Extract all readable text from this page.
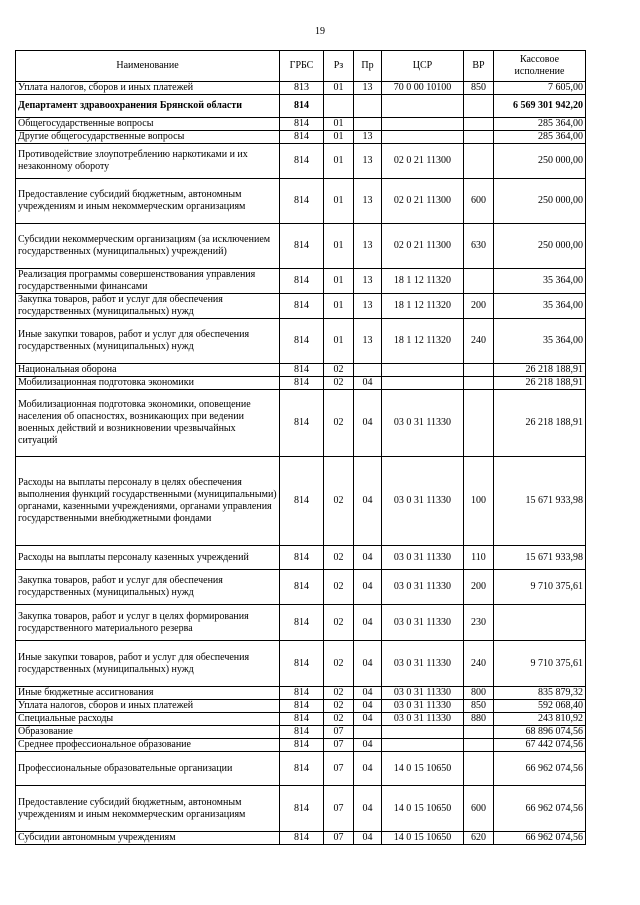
19
Наименование	ГРБС	Рз	Пр	ЦСР	ВР	Кассовое исполнение
Уплата налогов, сборов и иных платежей	813	01	13	70 0 00 10100	850	7 605,00
Департамент здравоохранения Брянской области	814					6 569 301 942,20
Общегосударственные вопросы	814	01				285 364,00
Другие общегосударственные вопросы	814	01	13			285 364,00
Противодействие злоупотреблению наркотиками и их незаконному обороту	814	01	13	02 0 21 11300		250 000,00
Предоставление субсидий бюджетным, автономным учреждениям и иным некоммерческим организациям	814	01	13	02 0 21 11300	600	250 000,00
Субсидии некоммерческим организациям (за исключением государственных (муниципальных) учреждений)	814	01	13	02 0 21 11300	630	250 000,00
Реализация программы совершенствования управления государственными финансами	814	01	13	18 1 12 11320		35 364,00
Закупка товаров, работ и услуг для обеспечения государственных (муниципальных) нужд	814	01	13	18 1 12 11320	200	35 364,00
Иные закупки товаров, работ и услуг для обеспечения государственных (муниципальных) нужд	814	01	13	18 1 12 11320	240	35 364,00
Национальная оборона	814	02				26 218 188,91
Мобилизационная подготовка экономики	814	02	04			26 218 188,91
Мобилизационная подготовка экономики, оповещение населения об опасностях, возникающих при ведении военных действий и возникновении чрезвычайных ситуаций	814	02	04	03 0 31 11330		26 218 188,91
Расходы на выплаты персоналу в целях обеспечения выполнения функций государственными (муниципальными) органами, казенными учреждениями, органами управления государственными внебюджетными фондами	814	02	04	03 0 31 11330	100	15 671 933,98
Расходы на выплаты персоналу казенных учреждений	814	02	04	03 0 31 11330	110	15 671 933,98
Закупка товаров, работ и услуг для обеспечения государственных (муниципальных) нужд	814	02	04	03 0 31 11330	200	9 710 375,61
Закупка товаров, работ и услуг в целях формирования государственного материального резерва	814	02	04	03 0 31 11330	230	
Иные закупки товаров, работ и услуг для обеспечения государственных (муниципальных) нужд	814	02	04	03 0 31 11330	240	9 710 375,61
Иные бюджетные ассигнования	814	02	04	03 0 31 11330	800	835 879,32
Уплата налогов, сборов и иных платежей	814	02	04	03 0 31 11330	850	592 068,40
Специальные расходы	814	02	04	03 0 31 11330	880	243 810,92
Образование	814	07				68 896 074,56
Среднее профессиональное образование	814	07	04			67 442 074,56
Профессиональные образовательные организации	814	07	04	14 0 15 10650		66 962 074,56
Предоставление субсидий бюджетным, автономным учреждениям и иным некоммерческим организациям	814	07	04	14 0 15 10650	600	66 962 074,56
Субсидии автономным учреждениям	814	07	04	14 0 15 10650	620	66 962 074,56
